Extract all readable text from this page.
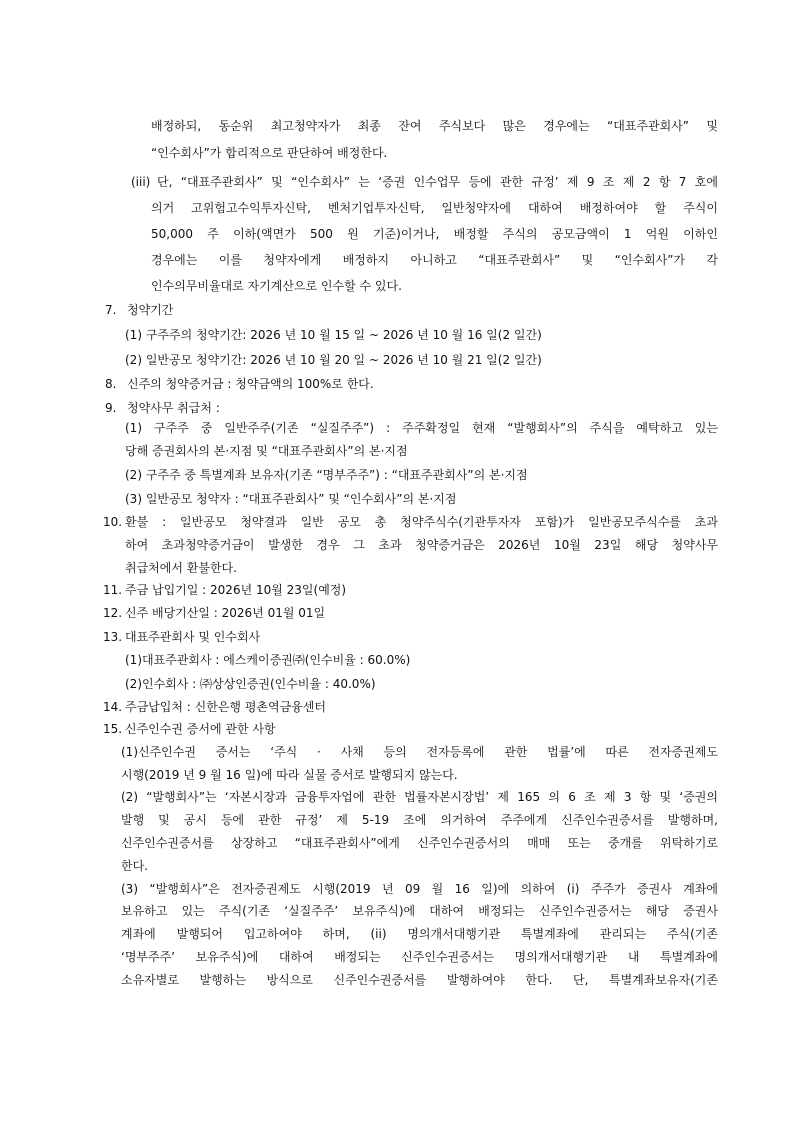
배정하되, 동순위 최고청약자가 최종 잔여 주식보다 많은 경우에는 “대표주관회사” 및
“인수회사”가 합리적으로 판단하여 배정한다.
(iii) 단, “대표주관회사” 및 “인수회사” 는 ‘증권 인수업무 등에 관한 규정’ 제 9 조 제 2 항 7 호에
의거 고위험고수익투자신탁, 벤처기업투자신탁, 일반청약자에 대하여 배정하여야 할 주식이
50,000 주 이하(액면가 500 원 기준)이거나, 배정할 주식의 공모금액이 1 억원 이하인
경우에는 이를 청약자에게 배정하지 아니하고 “대표주관회사” 및 “인수회사”가 각
인수의무비율대로 자기계산으로 인수할 수 있다.
7. 청약기간
(1) 구주주의 청약기간: 2026 년 10 월 15 일 ~ 2026 년 10 월 16 일(2 일간)
(2) 일반공모 청약기간: 2026 년 10 월 20 일 ~ 2026 년 10 월 21 일(2 일간)
8. 신주의 청약증거금 : 청약금액의 100%로 한다.
9. 청약사무 취급처 :
(1) 구주주 중 일반주주(기존 “실질주주”) : 주주확정일 현재 “발행회사”의 주식을 예탁하고 있는
당해 증권회사의 본·지점 및 “대표주관회사”의 본·지점
(2) 구주주 중 특별계좌 보유자(기존 “명부주주”) : “대표주관회사”의 본·지점
(3) 일반공모 청약자 : “대표주관회사” 및 “인수회사”의 본·지점
10. 환불 : 일반공모 청약결과 일반 공모 총 청약주식수(기관투자자 포함)가 일반공모주식수를 초과
하여 초과청약증거금이 발생한 경우 그 초과 청약증거금은 2026년 10월 23일 해당 청약사무
취급처에서 환불한다.
11. 주금 납입기일 : 2026년 10월 23일(예정)
12. 신주 배당기산일 : 2026년 01월 01일
13. 대표주관회사 및 인수회사
(1)대표주관회사 : 에스케이증권㈜(인수비율 : 60.0%)
(2)인수회사 : ㈜상상인증권(인수비율 : 40.0%)
14. 주금납입처 : 신한은행 평촌역금융센터
15. 신주인수권 증서에 관한 사항
(1)신주인수권 증서는 ‘주식 · 사채 등의 전자등록에 관한 법률’에 따른 전자증권제도
시행(2019 년 9 월 16 일)에 따라 실물 증서로 발행되지 않는다.
(2) “발행회사”는 ‘자본시장과 금융투자업에 관한 법률자본시장법’ 제 165 의 6 조 제 3 항 및 ‘증권의
발행 및 공시 등에 관한 규정’ 제 5-19 조에 의거하여 주주에게 신주인수권증서를 발행하며,
신주인수권증서를 상장하고 “대표주관회사”에게 신주인수권증서의 매매 또는 중개를 위탁하기로
한다.
(3) “발행회사”은 전자증권제도 시행(2019 년 09 월 16 일)에 의하여 (i) 주주가 증권사 계좌에
보유하고 있는 주식(기존 ‘실질주주’ 보유주식)에 대하여 배정되는 신주인수권증서는 해당 증권사
계좌에 발행되어 입고하여야 하며, (ii) 명의개서대행기관 특별계좌에 관리되는 주식(기존
‘명부주주’ 보유주식)에 대하여 배정되는 신주인수권증서는 명의개서대행기관 내 특별계좌에
소유자별로 발행하는 방식으로 신주인수권증서를 발행하여야 한다. 단, 특별계좌보유자(기존
